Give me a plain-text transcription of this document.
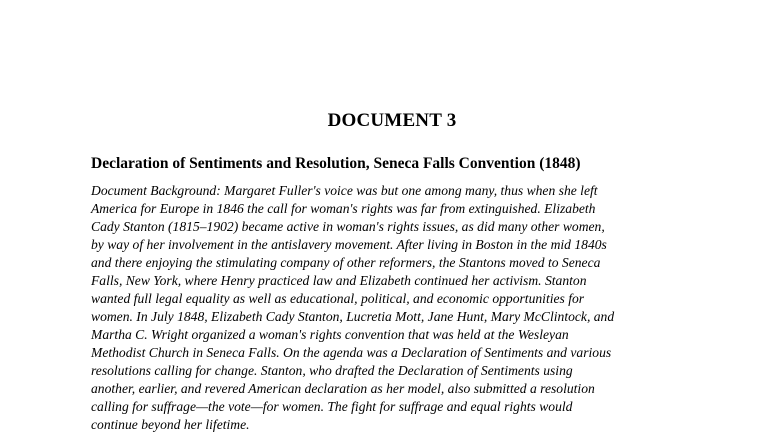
DOCUMENT 3
Declaration of Sentiments and Resolution, Seneca Falls Convention (1848)
Document Background: Margaret Fuller's voice was but one among many, thus when she left
America for Europe in 1846 the call for woman's rights was far from extinguished. Elizabeth
Cady Stanton (1815–1902) became active in woman's rights issues, as did many other women,
by way of her involvement in the antislavery movement. After living in Boston in the mid 1840s
and there enjoying the stimulating company of other reformers, the Stantons moved to Seneca
Falls, New York, where Henry practiced law and Elizabeth continued her activism. Stanton
wanted full legal equality as well as educational, political, and economic opportunities for
women. In July 1848, Elizabeth Cady Stanton, Lucretia Mott, Jane Hunt, Mary McClintock, and
Martha C. Wright organized a woman's rights convention that was held at the Wesleyan
Methodist Church in Seneca Falls. On the agenda was a Declaration of Sentiments and various
resolutions calling for change. Stanton, who drafted the Declaration of Sentiments using
another, earlier, and revered American declaration as her model, also submitted a resolution
calling for suffrage—the vote—for women. The fight for suffrage and equal rights would
continue beyond her lifetime.
